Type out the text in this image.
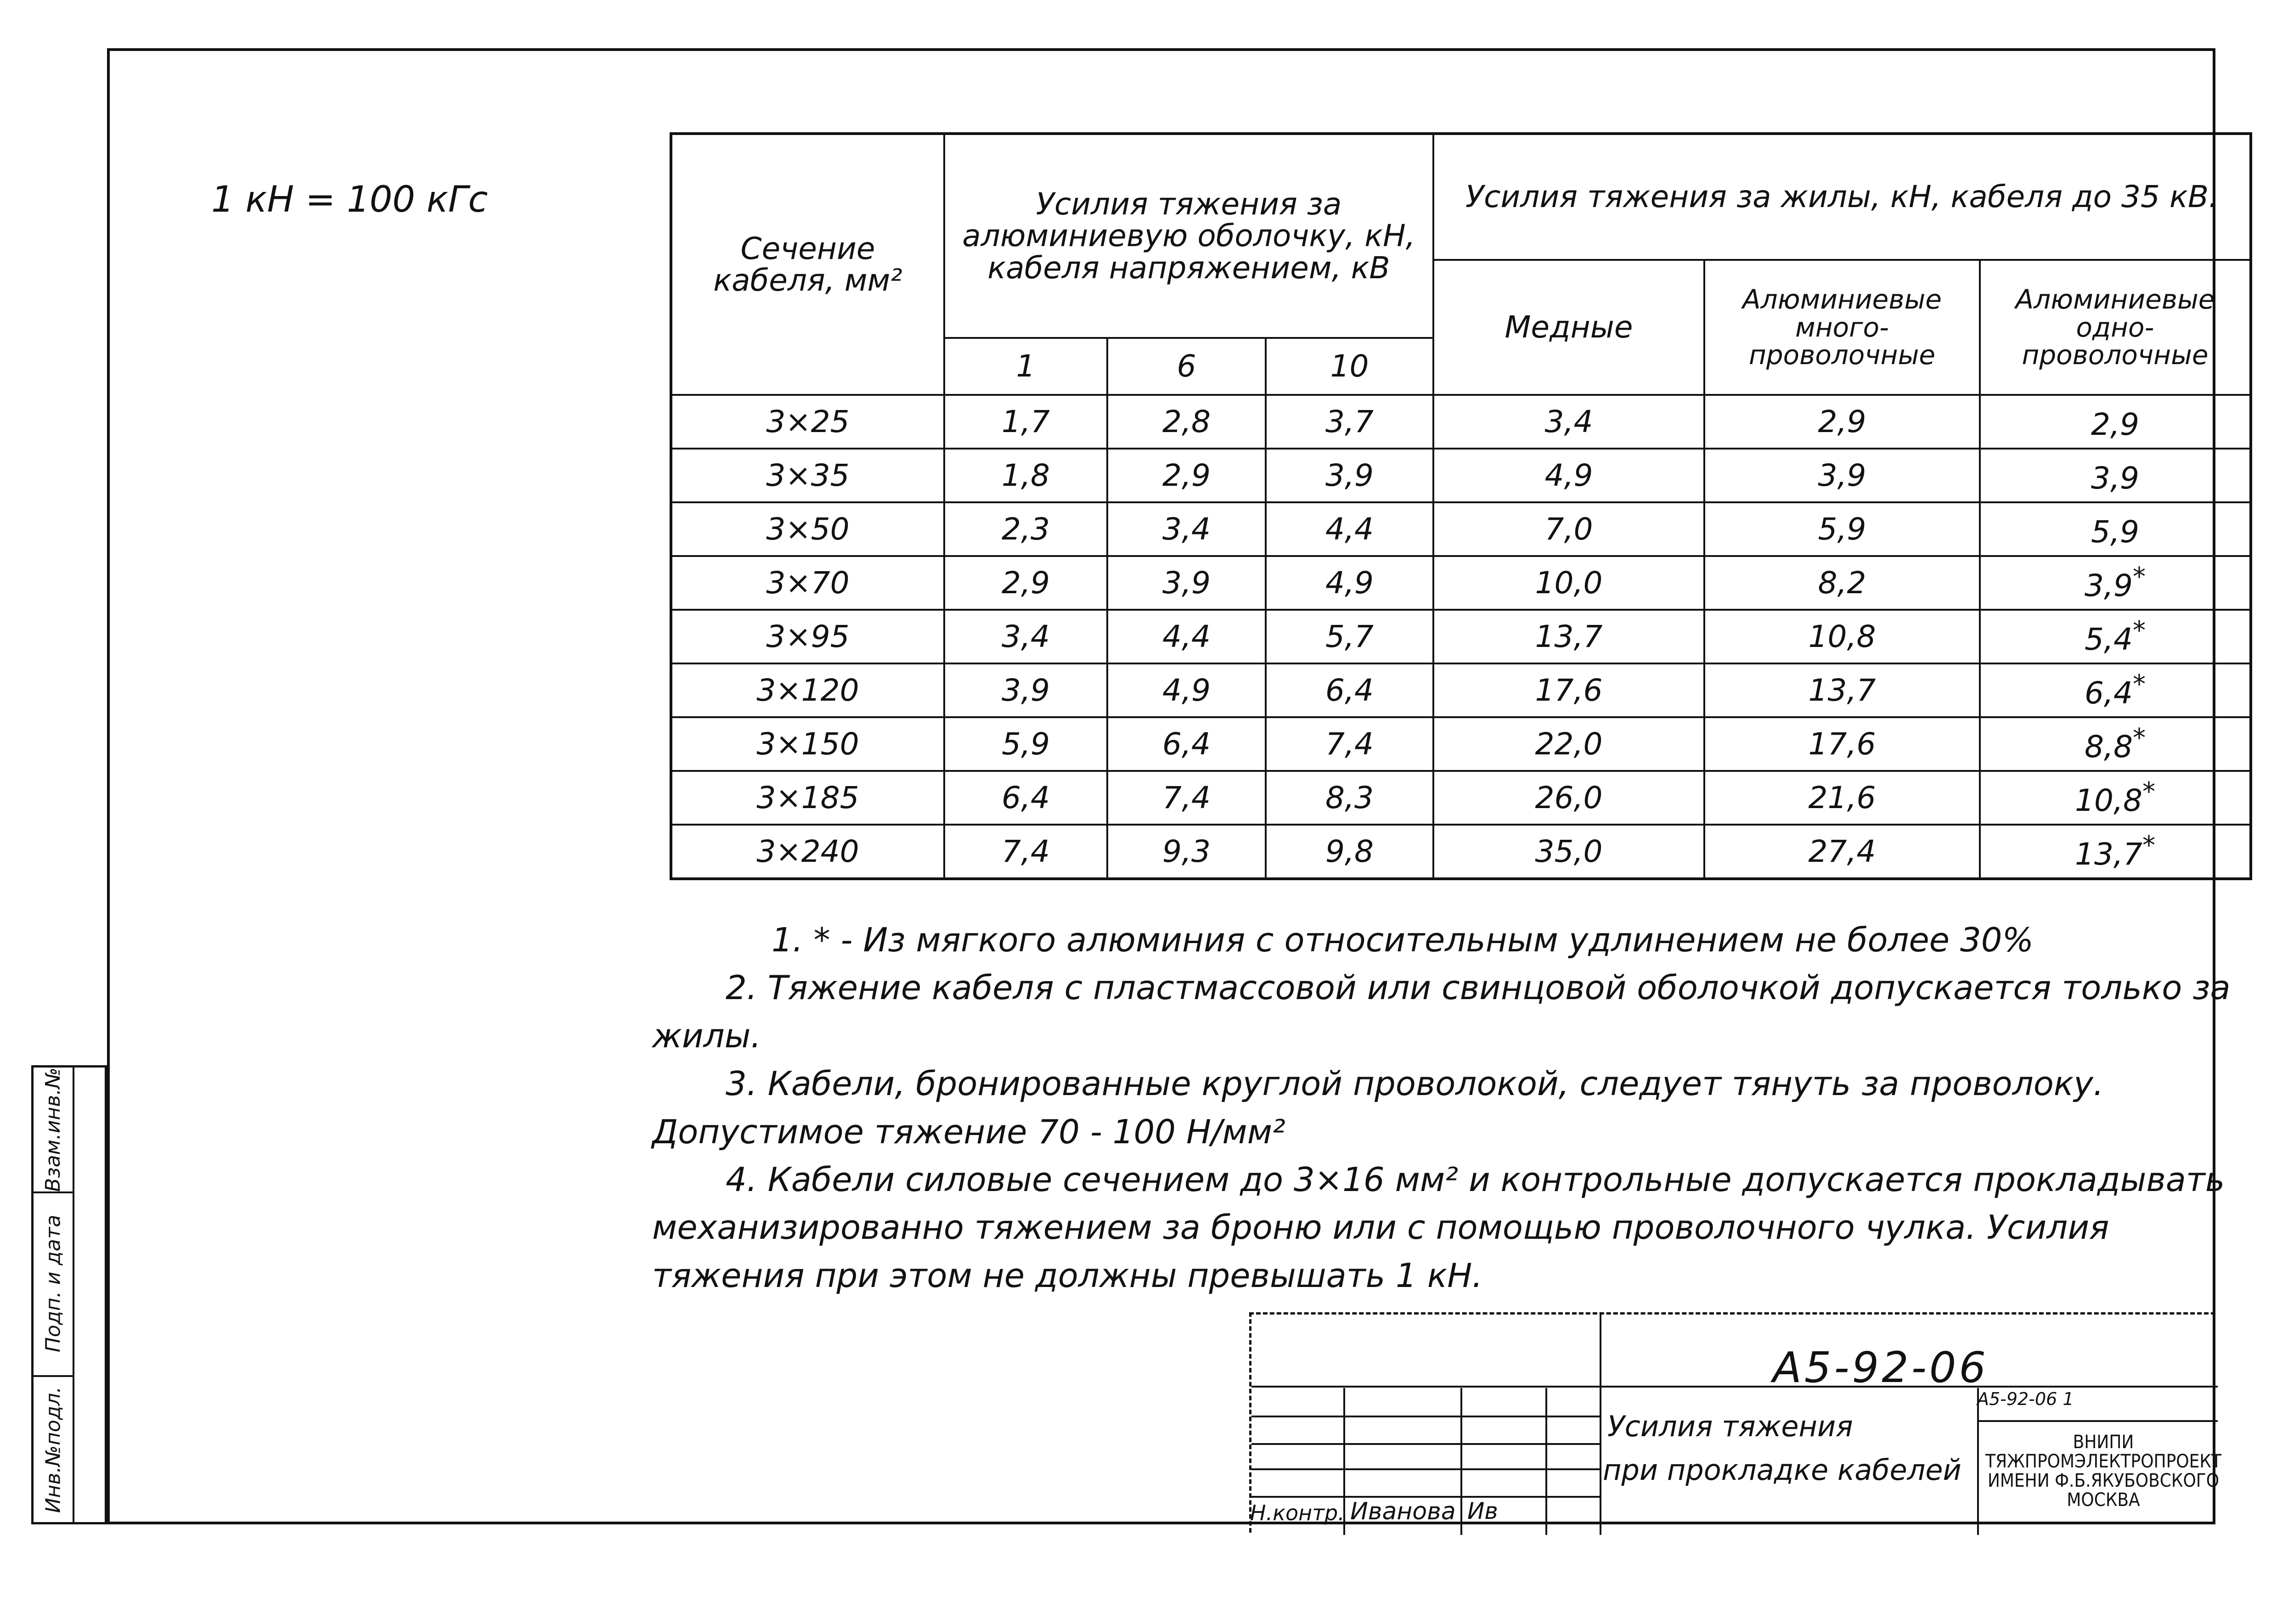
1 кН = 100 кГс
Сечение кабеля, мм²	Усилия тяжения за алюминиевую оболочку, кН, кабеля напряжением, кВ			Усилия тяжения за жилы, кН, кабеля до 35 кВ.		
				Медные	Алюминиевые много- проволочные	Алюминиевые одно- проволочные
	1	6	10			
3×25	1,7	2,8	3,7	3,4	2,9	2,9
3×35	1,8	2,9	3,9	4,9	3,9	3,9
3×50	2,3	3,4	4,4	7,0	5,9	5,9
3×70	2,9	3,9	4,9	10,0	8,2	3,9*
3×95	3,4	4,4	5,7	13,7	10,8	5,4*
3×120	3,9	4,9	6,4	17,6	13,7	6,4*
3×150	5,9	6,4	7,4	22,0	17,6	8,8*
3×185	6,4	7,4	8,3	26,0	21,6	10,8*
3×240	7,4	9,3	9,8	35,0	27,4	13,7*

1. * - Из мягкого алюминия с относительным удлинением не более 30%

2. Тяжение кабеля с пластмассовой или свинцовой оболочкой допускается только за жилы.

3. Кабели, бронированные круглой проволокой, следует тянуть за проволоку. Допустимое тяжение 70 - 100 Н/мм²

4. Кабели силовые сечением до 3×16 мм² и контрольные допускается прокладывать механизированно тяжением за броню или с помощью проволочного чулка. Усилия тяжения при этом не должны превышать 1 кН.

Взам.инв.№
Подп. и дата
Инв.№подл.
А5-92-06
А5-92-06 1
Усилия тяжения
при прокладке кабелей
Н.контр. Иванова Ив
ВНИПИ
ТЯЖПРОМЭЛЕКТРОПРОЕКТ
ИМЕНИ Ф.Б.ЯКУБОВСКОГО
МОСКВА
